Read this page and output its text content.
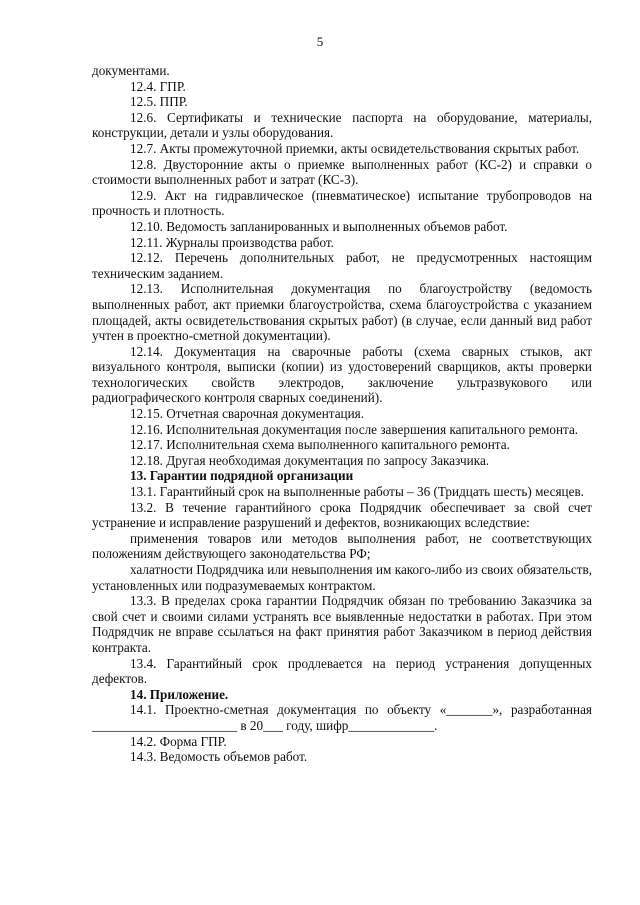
5

документами.

12.4. ГПР.

12.5. ППР.

12.6. Сертификаты и технические паспорта на оборудование, материалы, конструкции, детали и узлы оборудования.

12.7. Акты промежуточной приемки, акты освидетельствования скрытых работ.

12.8. Двусторонние акты о приемке выполненных работ (КС-2) и справки о стоимости выполненных работ и затрат (КС-3).

12.9. Акт на гидравлическое (пневматическое) испытание трубопроводов на прочность и плотность.

12.10. Ведомость запланированных и выполненных объемов работ.

12.11. Журналы производства работ.

12.12. Перечень дополнительных работ, не предусмотренных настоящим техническим заданием.

12.13. Исполнительная документация по благоустройству (ведомость выполненных работ, акт приемки благоустройства, схема благоустройства с указанием площадей, акты освидетельствования скрытых работ) (в случае, если данный вид работ учтен в проектно-сметной документации).

12.14. Документация на сварочные работы (схема сварных стыков, акт визуального контроля, выписки (копии) из удостоверений сварщиков, акты проверки технологических свойств электродов, заключение ультразвукового или радиографического контроля сварных соединений).

12.15. Отчетная сварочная документация.

12.16. Исполнительная документация после завершения капитального ремонта.

12.17. Исполнительная схема выполненного капитального ремонта.

12.18. Другая необходимая документация по запросу Заказчика.

13. Гарантии подрядной организации

13.1. Гарантийный срок на выполненные работы – 36 (Тридцать шесть) месяцев.

13.2. В течение гарантийного срока Подрядчик обеспечивает за свой счет устранение и исправление разрушений и дефектов, возникающих вследствие:

применения товаров или методов выполнения работ, не соответствующих положениям действующего законодательства РФ;

халатности Подрядчика или невыполнения им какого-либо из своих обязательств, установленных или подразумеваемых контрактом.

13.3. В пределах срока гарантии Подрядчик обязан по требованию Заказчика за свой счет и своими силами устранять все выявленные недостатки в работах. При этом Подрядчик не вправе ссылаться на факт принятия работ Заказчиком в период действия контракта.

13.4. Гарантийный срок продлевается на период устранения допущенных дефектов.

14. Приложение.

14.1. Проектно-сметная документация по объекту «_______», разработанная ______________________ в 20___ году, шифр_____________.

14.2. Форма ГПР.

14.3. Ведомость объемов работ.
